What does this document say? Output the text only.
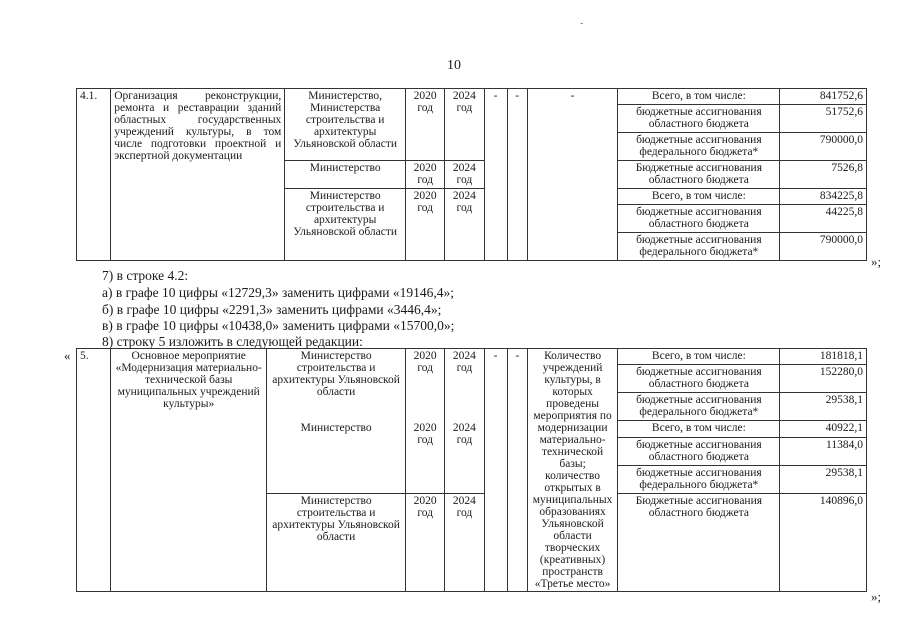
-
10
4.1.	Организация реконструкции, ремонта и реставрации зданий областных государственных учреждений культуры, в том числе подготовки проектной и экспертной документации	Министерство, Министерства строительства и архитектуры Ульяновской области	2020 год	2024 год	-	-	-	Всего, в том числе:	841752,6
								бюджетные ассигнования областного бюджета	51752,6
								бюджетные ассигнования федерального бюджета*	790000,0
		Министерство	2020 год	2024 год				Бюджетные ассигнования областного бюджета	7526,8
		Министерство строительства и архитектуры Ульяновской области	2020 год	2024 год				Всего, в том числе:	834225,8
								бюджетные ассигнования областного бюджета	44225,8
								бюджетные ассигнования федерального бюджета*	790000,0
»;
7) в строке 4.2:
а) в графе 10 цифры «12729,3» заменить цифрами «19146,4»;
б) в графе 10 цифры «2291,3» заменить цифрами «3446,4»;
в) в графе 10 цифры «10438,0» заменить цифрами «15700,0»;
8) строку 5 изложить в следующей редакции:
« 5.	Основное мероприятие «Модернизация материально-технической базы муниципальных учреждений культуры»	Министерство строительства и архитектуры Ульяновской области	2020 год	2024 год	-	-	Количество учреждений культуры, в которых проведены мероприятия по модернизации материально-технической базы; количество открытых в муниципальных образованиях Ульяновской области творческих (креативных) пространств «Третье место»	Всего, в том числе:	181818,1
								бюджетные ассигнования областного бюджета	152280,0
								бюджетные ассигнования федерального бюджета*	29538,1
		Министерство	2020 год	2024 год				Всего, в том числе:	40922,1
								бюджетные ассигнования областного бюджета	11384,0
								бюджетные ассигнования федерального бюджета*	29538,1
		Министерство строительства и архитектуры Ульяновской области	2020 год	2024 год				Бюджетные ассигнования областного бюджета	140896,0
»;
